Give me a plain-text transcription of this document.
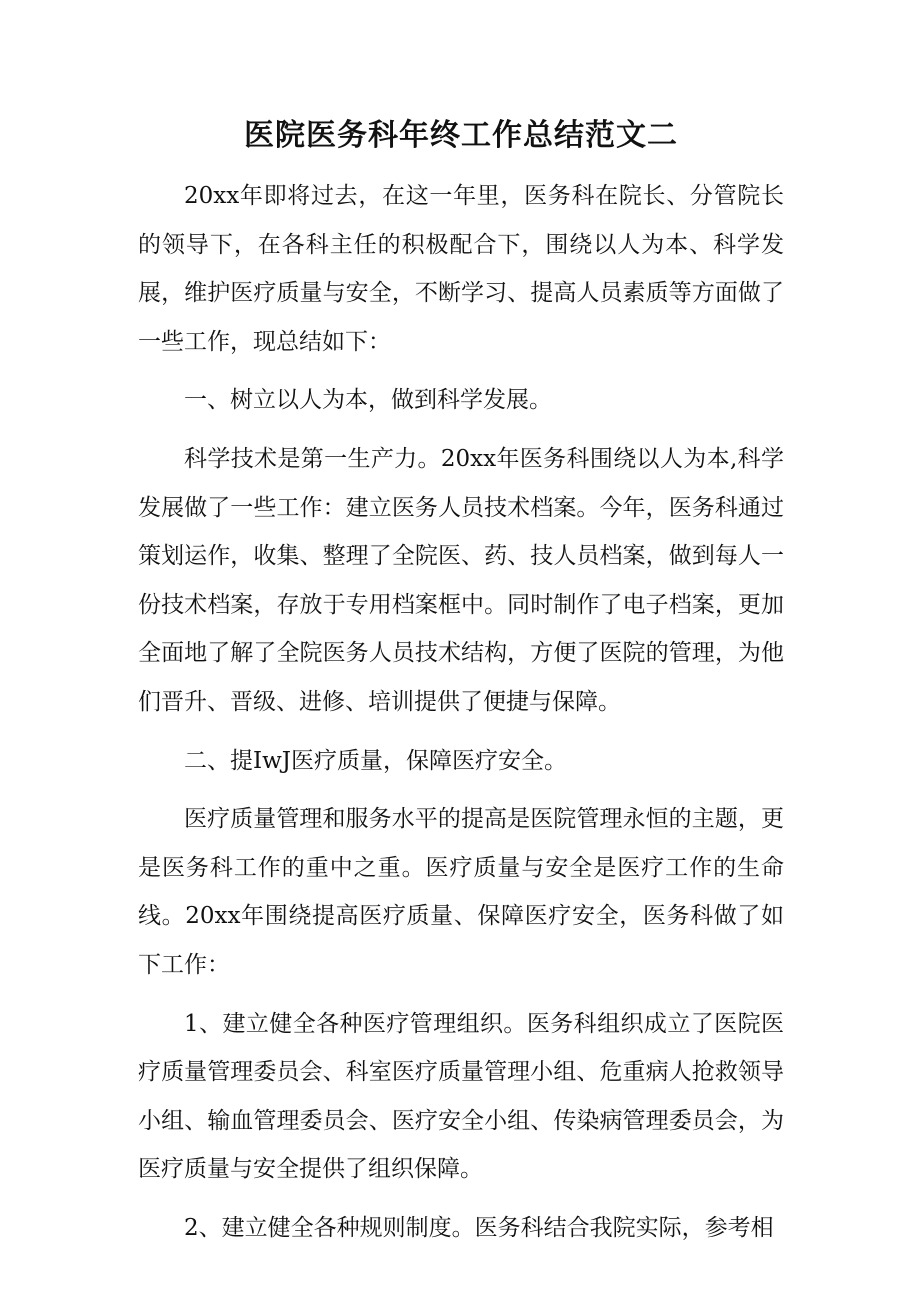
医院医务科年终工作总结范文二

20xx年即将过去，在这一年里，医务科在院长、分管院长的领导下，在各科主任的积极配合下，围绕以人为本、科学发展，维护医疗质量与安全，不断学习、提高人员素质等方面做了一些工作，现总结如下：

一、树立以人为本，做到科学发展。

科学技术是第一生产力。20xx年医务科围绕以人为本,科学发展做了一些工作：建立医务人员技术档案。今年，医务科通过策划运作，收集、整理了全院医、药、技人员档案，做到每人一份技术档案，存放于专用档案框中。同时制作了电子档案，更加全面地了解了全院医务人员技术结构，方便了医院的管理，为他们晋升、晋级、进修、培训提供了便捷与保障。

二、提IwJ医疗质量，保障医疗安全。

医疗质量管理和服务水平的提高是医院管理永恒的主题，更是医务科工作的重中之重。医疗质量与安全是医疗工作的生命线。20xx年围绕提高医疗质量、保障医疗安全，医务科做了如下工作：

1、建立健全各种医疗管理组织。医务科组织成立了医院医疗质量管理委员会、科室医疗质量管理小组、危重病人抢救领导小组、输血管理委员会、医疗安全小组、传染病管理委员会，为医疗质量与安全提供了组织保障。

2、建立健全各种规则制度。医务科结合我院实际，参考相
